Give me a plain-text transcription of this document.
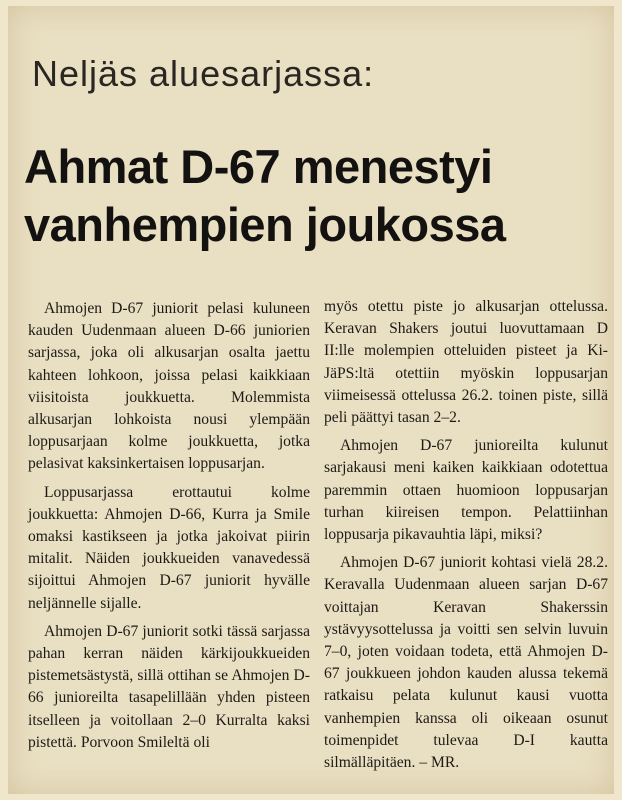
Neljäs aluesarjassa:
Ahmat D-67 menestyi
vanhempien joukossa

Ahmojen D-67 juniorit pelasi kuluneen kauden Uudenmaan alueen D-66 juniorien sarjassa, joka oli alkusarjan osalta jaettu kahteen lohkoon, joissa pelasi kaikkiaan viisitoista joukkuetta. Molemmista alkusarjan lohkoista nousi ylempään loppusarjaan kolme joukkuetta, jotka pelasivat kaksinkertaisen loppusarjan.

Loppusarjassa erottautui kolme joukkuetta: Ahmojen D-66, Kurra ja Smile omaksi kastikseen ja jotka jakoivat piirin mitalit. Näiden joukkueiden vanavedessä sijoittui Ahmojen D-67 juniorit hyvälle neljännelle sijalle.

Ahmojen D-67 juniorit sotki tässä sarjassa pahan kerran näiden kärkijoukkueiden pistemetsästystä, sillä ottihan se Ahmojen D-66 junioreilta tasapelillään yhden pisteen itselleen ja voitollaan 2–0 Kurralta kaksi pistettä. Porvoon Smileltä oli

myös otettu piste jo alkusarjan ottelussa. Keravan Shakers joutui luovuttamaan D II:lle molempien otteluiden pisteet ja Ki-JäPS:ltä otettiin myöskin loppusarjan viimeisessä ottelussa 26.2. toinen piste, sillä peli päättyi tasan 2–2.

Ahmojen D-67 junioreilta kulunut sarjakausi meni kaiken kaikkiaan odotettua paremmin ottaen huomioon loppusarjan turhan kiireisen tempon. Pelattiinhan loppusarja pikavauhtia läpi, miksi?

Ahmojen D-67 juniorit kohtasi vielä 28.2. Keravalla Uudenmaan alueen sarjan D-67 voittajan Keravan Shakerssin ystävyysottelussa ja voitti sen selvin luvuin 7–0, joten voidaan todeta, että Ahmojen D-67 joukkueen johdon kauden alussa tekemä ratkaisu pelata kulunut kausi vuotta vanhempien kanssa oli oikeaan osunut toimenpidet tulevaa D-I kautta silmälläpitäen. – MR.
